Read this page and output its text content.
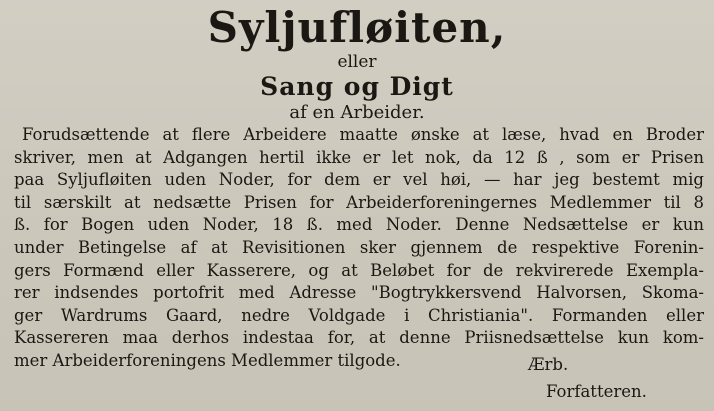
Syljufløiten,
eller
Sang og Digt
af en Arbeider.
Forudsættende at flere Arbeidere maatte ønske at læse, hvad en Broder
skriver, men at Adgangen hertil ikke er let nok, da 12 ß , som er Prisen
paa Syljufløiten uden Noder, for dem er vel høi, — har jeg bestemt mig
til særskilt at nedsætte Prisen for Arbeiderforeningernes Medlemmer til 8
ß. for Bogen uden Noder, 18 ß. med Noder. Denne Nedsættelse er kun
under Betingelse af at Revisitionen sker gjennem de respektive Forenin-
gers Formænd eller Kasserere, og at Beløbet for de rekvirerede Exempla-
rer indsendes portofrit med Adresse "Bogtrykkersvend Halvorsen, Skoma-
ger Wardrums Gaard, nedre Voldgade i Christiania". Formanden eller
Kassereren maa derhos indestaa for, at denne Priisnedsættelse kun kom-
mer Arbeiderforeningens Medlemmer tilgode.	Ærb.
Forfatteren.
